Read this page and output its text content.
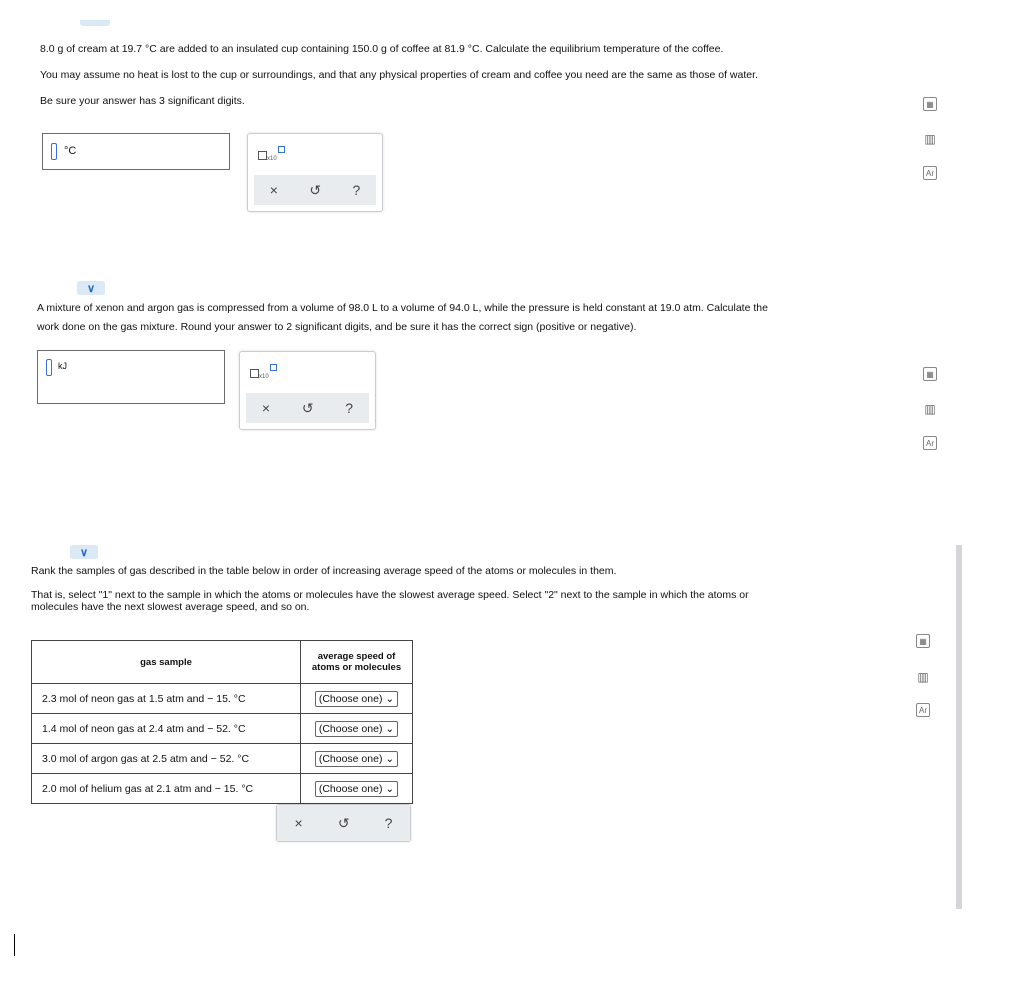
8.0 g of cream at 19.7 °C are added to an insulated cup containing 150.0 g of coffee at 81.9 °C. Calculate the equilibrium temperature of the coffee.
You may assume no heat is lost to the cup or surroundings, and that any physical properties of cream and coffee you need are the same as those of water.
Be sure your answer has 3 significant digits.
°C
x10
× ↺ ?
▦
▥
Ar
∨
A mixture of xenon and argon gas is compressed from a volume of 98.0 L to a volume of 94.0 L, while the pressure is held constant at 19.0 atm. Calculate the
work done on the gas mixture. Round your answer to 2 significant digits, and be sure it has the correct sign (positive or negative).
kJ
x10
× ↺ ?
▦
▥
Ar
∨
Rank the samples of gas described in the table below in order of increasing average speed of the atoms or molecules in them.
That is, select "1" next to the sample in which the atoms or molecules have the slowest average speed. Select "2" next to the sample in which the atoms or
molecules have the next slowest average speed, and so on.
gas sample	average speed of
atoms or molecules
2.3 mol of neon gas at 1.5 atm and − 15. °C	(Choose one) ⌄
1.4 mol of neon gas at 2.4 atm and − 52. °C	(Choose one) ⌄
3.0 mol of argon gas at 2.5 atm and − 52. °C	(Choose one) ⌄
2.0 mol of helium gas at 2.1 atm and − 15. °C	(Choose one) ⌄
×	↺	?
▦
▥
Ar
